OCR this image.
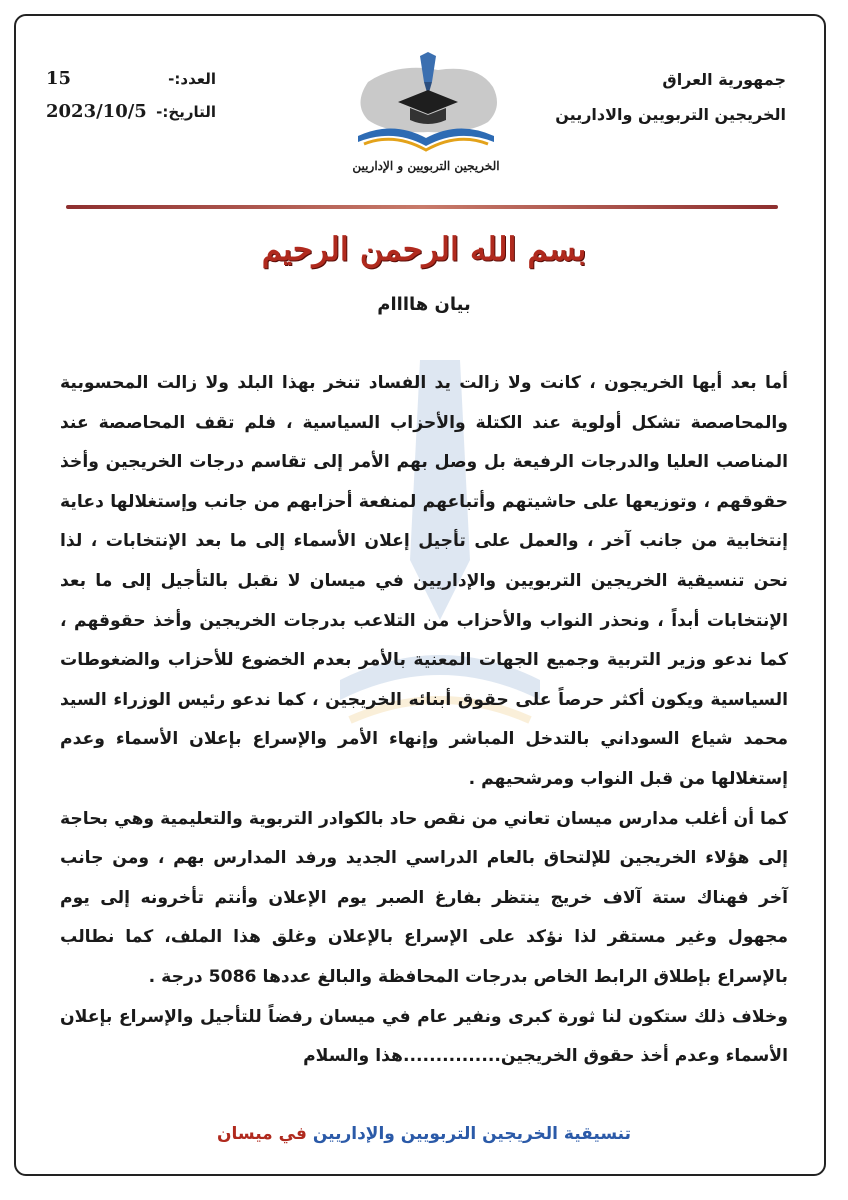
جمهورية العراق
الخريجين التربويين والاداريين
العدد:-
15
التاريخ:-
2023/10/5
الخريجين التربويين و الإداريين
بسم الله الرحمن الرحيم
بيان هاااام

أما بعد أيها الخريجون ، كانت ولا زالت يد الفساد تنخر بهذا البلد ولا زالت المحسوبية والمحاصصة تشكل أولوية عند الكتلة والأحزاب السياسية ، فلم تقف المحاصصة عند المناصب العليا والدرجات الرفيعة بل وصل بهم الأمر إلى تقاسم درجات الخريجين وأخذ حقوقهم ، وتوزيعها على حاشيتهم وأتباعهم لمنفعة أحزابهم من جانب وإستغلالها دعاية إنتخابية من جانب آخر ، والعمل على تأجيل إعلان الأسماء إلى ما بعد الإنتخابات ، لذا نحن تنسيقية الخريجين التربويين والإداريين في ميسان لا نقبل بالتأجيل إلى ما بعد الإنتخابات أبداً ، ونحذر النواب والأحزاب من التلاعب بدرجات الخريجين وأخذ حقوقهم ، كما ندعو وزير التربية وجميع الجهات المعنية بالأمر بعدم الخضوع للأحزاب والضغوطات السياسية ويكون أكثر حرصاً على حقوق أبنائه الخريجين ، كما ندعو رئيس الوزراء السيد محمد شياع السوداني بالتدخل المباشر وإنهاء الأمر والإسراع بإعلان الأسماء وعدم إستغلالها من قبل النواب ومرشحيهم .

كما أن أغلب مدارس ميسان تعاني من نقص حاد بالكوادر التربوية والتعليمية وهي بحاجة إلى هؤلاء الخريجين للإلتحاق بالعام الدراسي الجديد ورفد المدارس بهم ، ومن جانب آخر فهناك ستة آلاف خريج ينتظر بفارغ الصبر يوم الإعلان وأنتم تأخرونه إلى يوم مجهول وغير مستقر لذا نؤكد على الإسراع بالإعلان وغلق هذا الملف، كما نطالب بالإسراع بإطلاق الرابط الخاص بدرجات المحافظة والبالغ عددها 5086 درجة .

وخلاف ذلك ستكون لنا ثورة كبرى ونفير عام في ميسان رفضاً للتأجيل والإسراع بإعلان الأسماء وعدم أخذ حقوق الخريجين...............هذا والسلام

تنسيقية الخريجين التربويين والإداريين في ميسان
